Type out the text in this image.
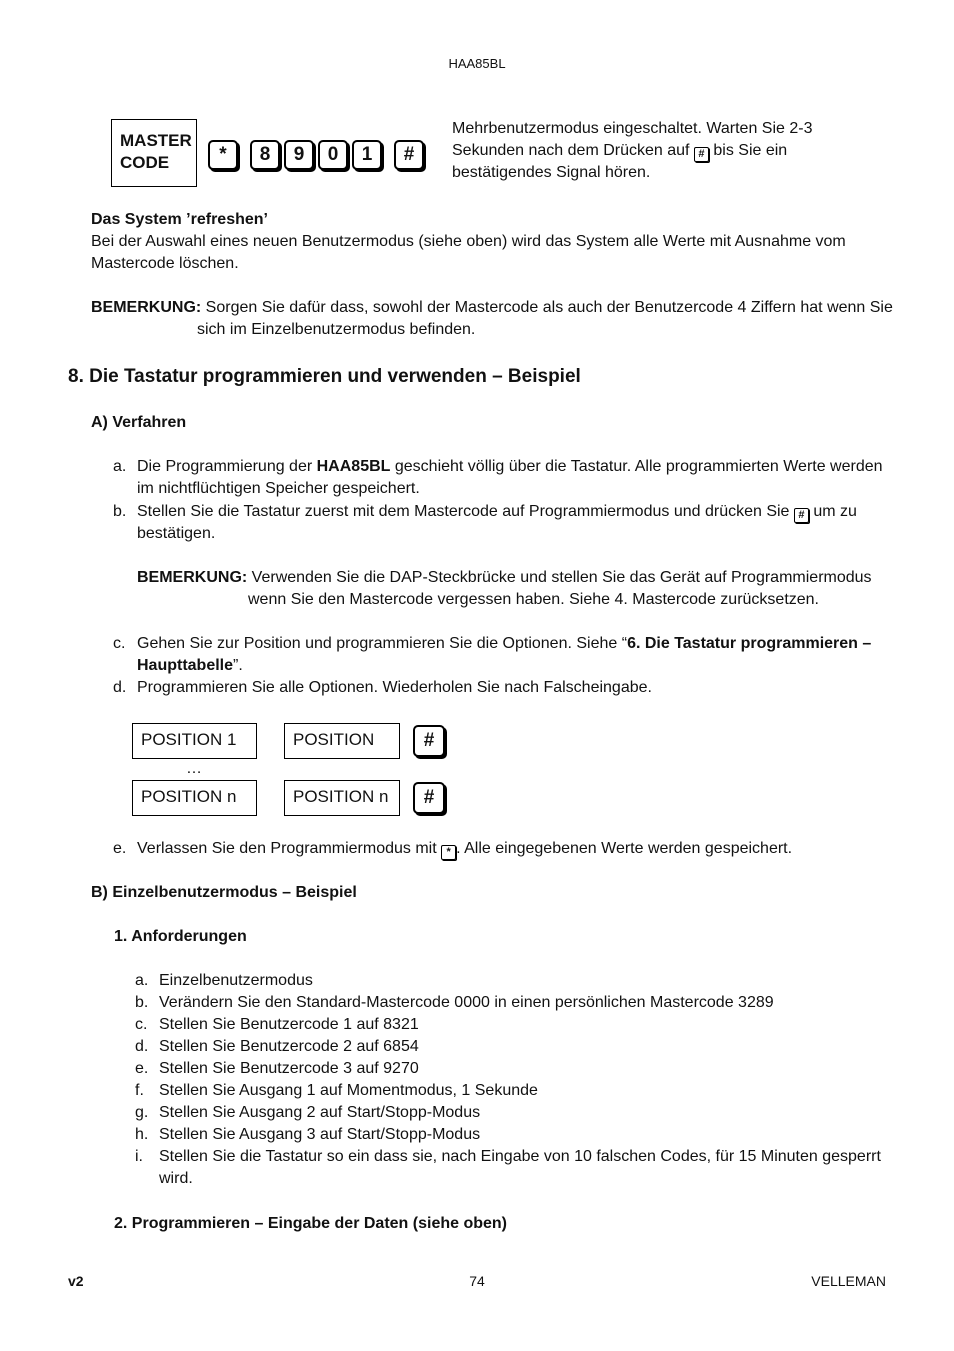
HAA85BL
MASTER
CODE	*	8	9	0	1	#
Mehrbenutzermodus eingeschaltet. Warten Sie 2-3 Sekunden nach dem Drücken auf # bis Sie ein bestätigendes Signal hören.
Das System ’refreshen’
Bei der Auswahl eines neuen Benutzermodus (siehe oben) wird das System alle Werte mit Ausnahme vom Mastercode löschen.
BEMERKUNG: Sorgen Sie dafür dass, sowohl der Mastercode als auch der Benutzercode 4 Ziffern hat wenn Sie
sich im Einzelbenutzermodus befinden.
8. Die Tastatur programmieren und verwenden – Beispiel
A) Verfahren
a. Die Programmierung der HAA85BL geschieht völlig über die Tastatur. Alle programmierten Werte werden
im nichtflüchtigen Speicher gespeichert.
b. Stellen Sie die Tastatur zuerst mit dem Mastercode auf Programmiermodus und drücken Sie # um zu
bestätigen.
BEMERKUNG: Verwenden Sie die DAP-Steckbrücke und stellen Sie das Gerät auf Programmiermodus
wenn Sie den Mastercode vergessen haben. Siehe 4. Mastercode zurücksetzen.
c. Gehen Sie zur Position und programmieren Sie die Optionen. Siehe “6. Die Tastatur programmieren –
Haupttabelle”.
d. Programmieren Sie alle Optionen. Wiederholen Sie nach Falscheingabe.
POSITION 1	POSITION	#
…
POSITION n	POSITION n	#
e. Verlassen Sie den Programmiermodus mit * . Alle eingegebenen Werte werden gespeichert.
B) Einzelbenutzermodus – Beispiel
1. Anforderungen
a. Einzelbenutzermodus
b. Verändern Sie den Standard-Mastercode 0000 in einen persönlichen Mastercode 3289
c. Stellen Sie Benutzercode 1 auf 8321
d. Stellen Sie Benutzercode 2 auf 6854
e. Stellen Sie Benutzercode 3 auf 9270
f. Stellen Sie Ausgang 1 auf Momentmodus, 1 Sekunde
g. Stellen Sie Ausgang 2 auf Start/Stopp-Modus
h. Stellen Sie Ausgang 3 auf Start/Stopp-Modus
i. Stellen Sie die Tastatur so ein dass sie, nach Eingabe von 10 falschen Codes, für 15 Minuten gesperrt
wird.
2. Programmieren – Eingabe der Daten (siehe oben)
v2	74	VELLEMAN
